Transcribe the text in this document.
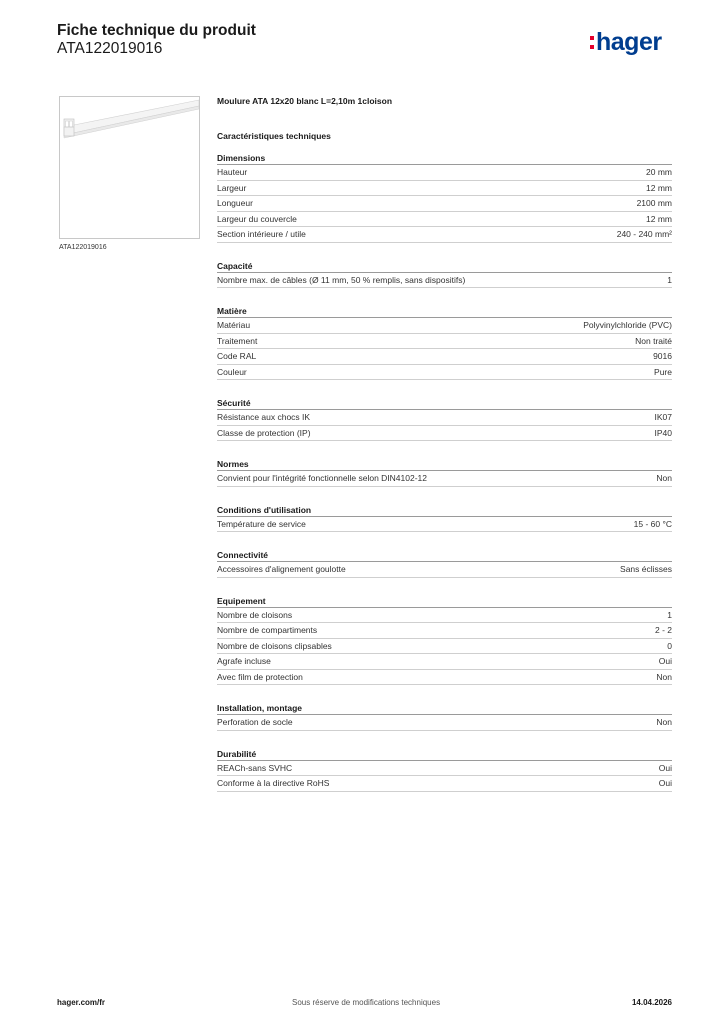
Fiche technique du produit
ATA122019016	hager
ATA122019016
Moulure ATA 12x20 blanc L=2,10m 1cloison
Caractéristiques techniques
Dimensions
Hauteur	20 mm
Largeur	12 mm
Longueur	2100 mm
Largeur du couvercle	12 mm
Section intérieure / utile	240 - 240 mm²
Capacité
Nombre max. de câbles (Ø 11 mm, 50 % remplis, sans dispositifs)	1
Matière
Matériau	Polyvinylchloride (PVC)
Traitement	Non traité
Code RAL	9016
Couleur	Pure
Sécurité
Résistance aux chocs IK	IK07
Classe de protection (IP)	IP40
Normes
Convient pour l'intégrité fonctionnelle selon DIN4102-12	Non
Conditions d'utilisation
Température de service	15 - 60 °C
Connectivité
Accessoires d'alignement goulotte	Sans éclisses
Equipement
Nombre de cloisons	1
Nombre de compartiments	2 - 2
Nombre de cloisons clipsables	0
Agrafe incluse	Oui
Avec film de protection	Non
Installation, montage
Perforation de socle	Non
Durabilité
REACh-sans SVHC	Oui
Conforme à la directive RoHS	Oui
hager.com/fr	Sous réserve de modifications techniques	14.04.2026
